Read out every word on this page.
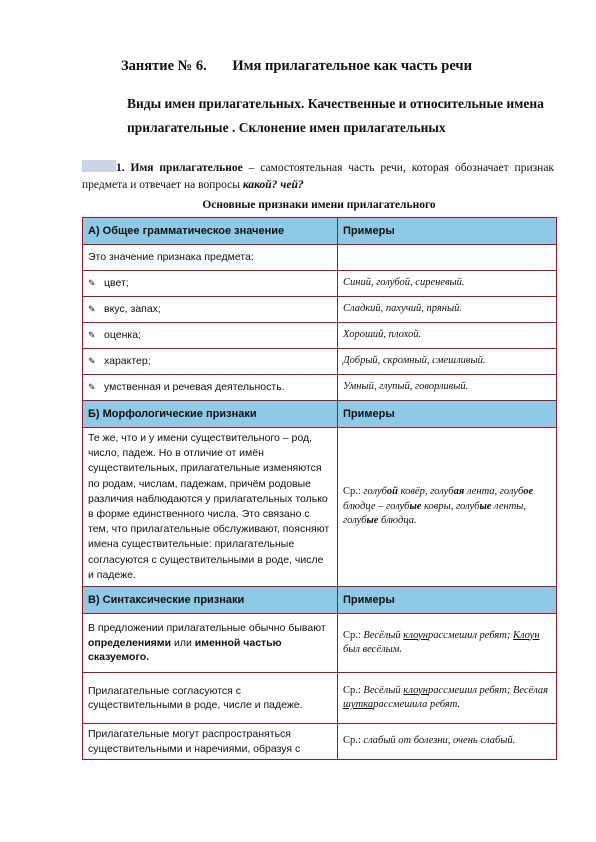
Занятие № 6. Имя прилагательное как часть речи
Виды имен прилагательных. Качественные и относительные имена прилагательные . Склонение имен прилагательных
1. Имя прилагательное – самостоятельная часть речи, которая обозначает признак предмета и отвечает на вопросы какой? чей?
Основные признаки имени прилагательного
А) Общее грамматическое значение	Примеры
Это значение признака предмета:	
✎ цвет;	Синий, голубой, сиреневый.
✎ вкус, запах;	Сладкий, пахучий, пряный.
✎ оценка;	Хороший, плохой.
✎ характер;	Добрый, скромный, смешливый.
✎ умственная и речевая деятельность.	Умный, глупый, говорливый.
Б) Морфологические признаки	Примеры
Те же, что и у имени существительного – род, число, падеж. Но в отличие от имён существительных, прилагательные изменяются по родам, числам, падежам, причём родовые различия наблюдаются у прилагательных только в форме единственного числа. Это связано с тем, что прилагательные обслуживают, поясняют имена существительные: прилагательные согласуются с существительными в роде, числе и падеже.	Ср.: голубой ковёр, голубая лента, голубое блюдце – голубые ковры, голубые ленты, голубые блюдца.
В) Синтаксические признаки	Примеры
В предложении прилагательные обычно бывают определениями или именной частью сказуемого.	Ср.: Весёлый клоунрассмешил ребят; Клоун был весёлым.
Прилагательные согласуются с существительными в роде, числе и падеже.	Ср.: Весёлый клоунрассмешил ребят; Весёлая шуткарассмешила ребят.
Прилагательные могут распространяться существительными и наречиями, образуя с	Ср.: слабый от болезни, очень слабый.
